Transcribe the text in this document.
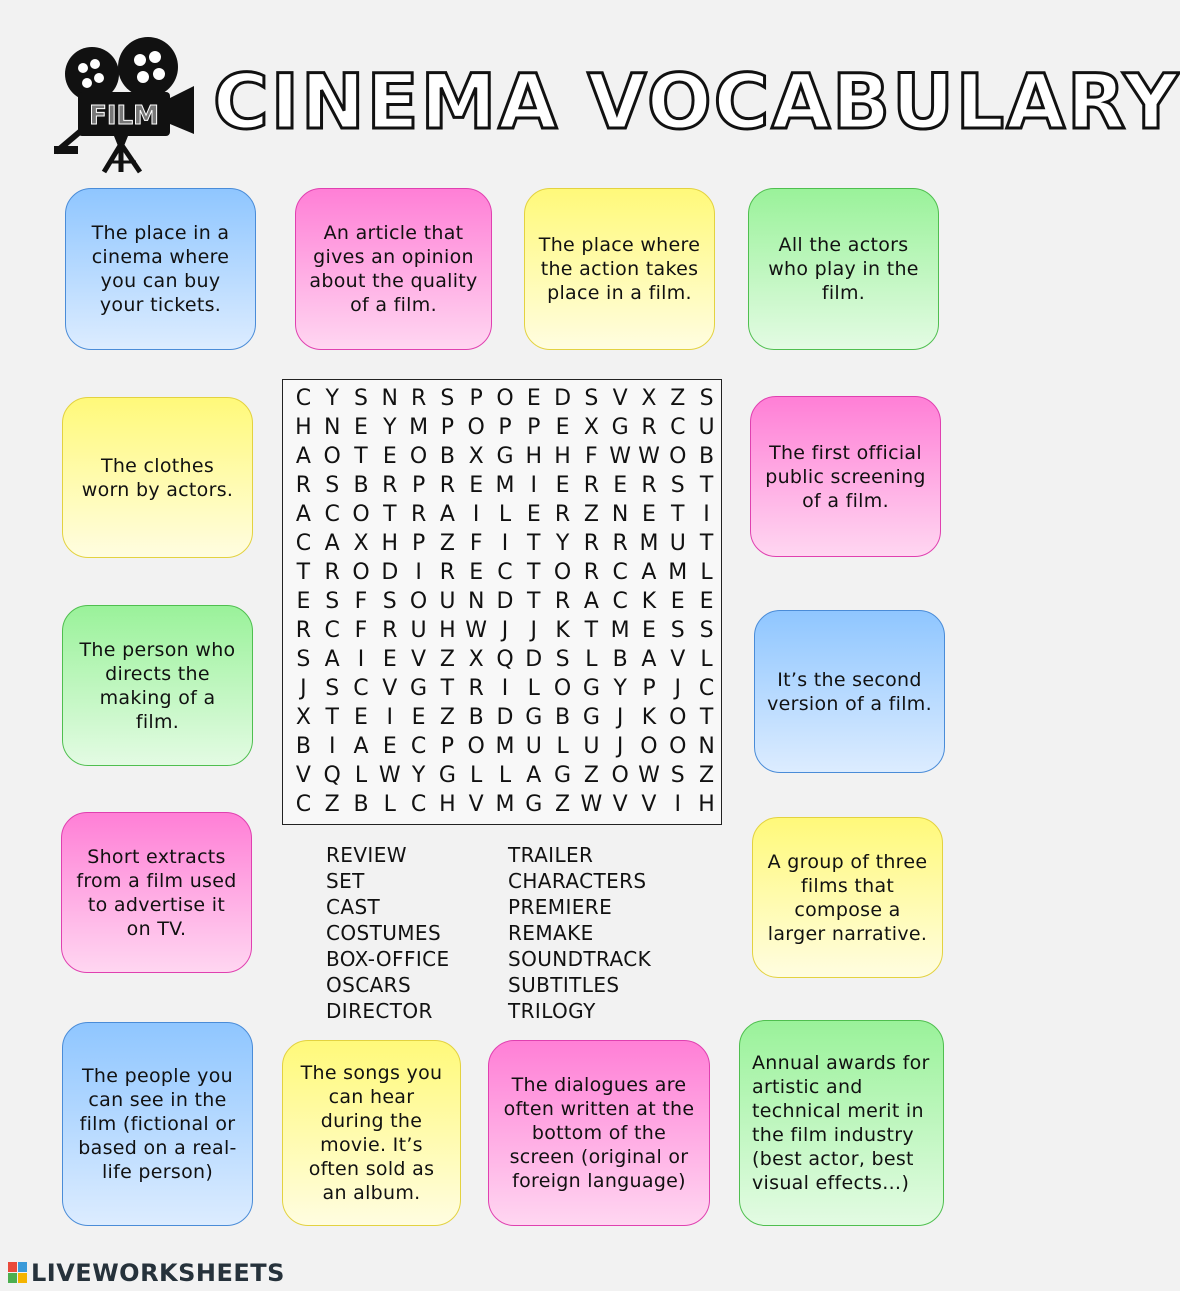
FILM CINEMA VOCABULARY
The place in a cinema where you can buy your tickets.
An article that gives an opinion about the quality of a film.
The place where the action takes place in a film.
All the actors who play in the film.
The clothes worn by actors.
The person who directs the making of a film.
Short extracts from a film used to advertise it on TV.
The first official public screening of a film.
It’s the second version of a film.
A group of three films that compose a larger narrative.
The people you can see in the film (fictional or based on a real-life person)
The songs you can hear during the movie. It’s often sold as an album.
The dialogues are often written at the bottom of the screen (original or foreign language)
Annual awards for artistic and technical merit in the film industry (best actor, best visual effects…)
C Y S N R S P O E D S V X Z S
H N E Y M P O P P E X G R C U
A O T E O B X G H H F W W O B
R S B R P R E M I E R E R S T
A C O T R A I L E R Z N E T I
C A X H P Z F I T Y R R M U T
T R O D I R E C T O R C A M L
E S F S O U N D T R A C K E E
R C F R U H W J	J K T M E S S
S A I E V Z X Q D S L B A V L
J S C V G T R I L O G Y P J C
X T E I E Z B D G B G J K O T
B I A E C P O M U L U J O O N
V Q L W Y G L L A G Z O W S Z
C Z B L C H V M G Z W V V I H
REVIEW
SET
CAST
COSTUMES
BOX-OFFICE
OSCARS
DIRECTOR
TRAILER
CHARACTERS
PREMIERE
REMAKE
SOUNDTRACK
SUBTITLES
TRILOGY
LIVEWORKSHEETS
